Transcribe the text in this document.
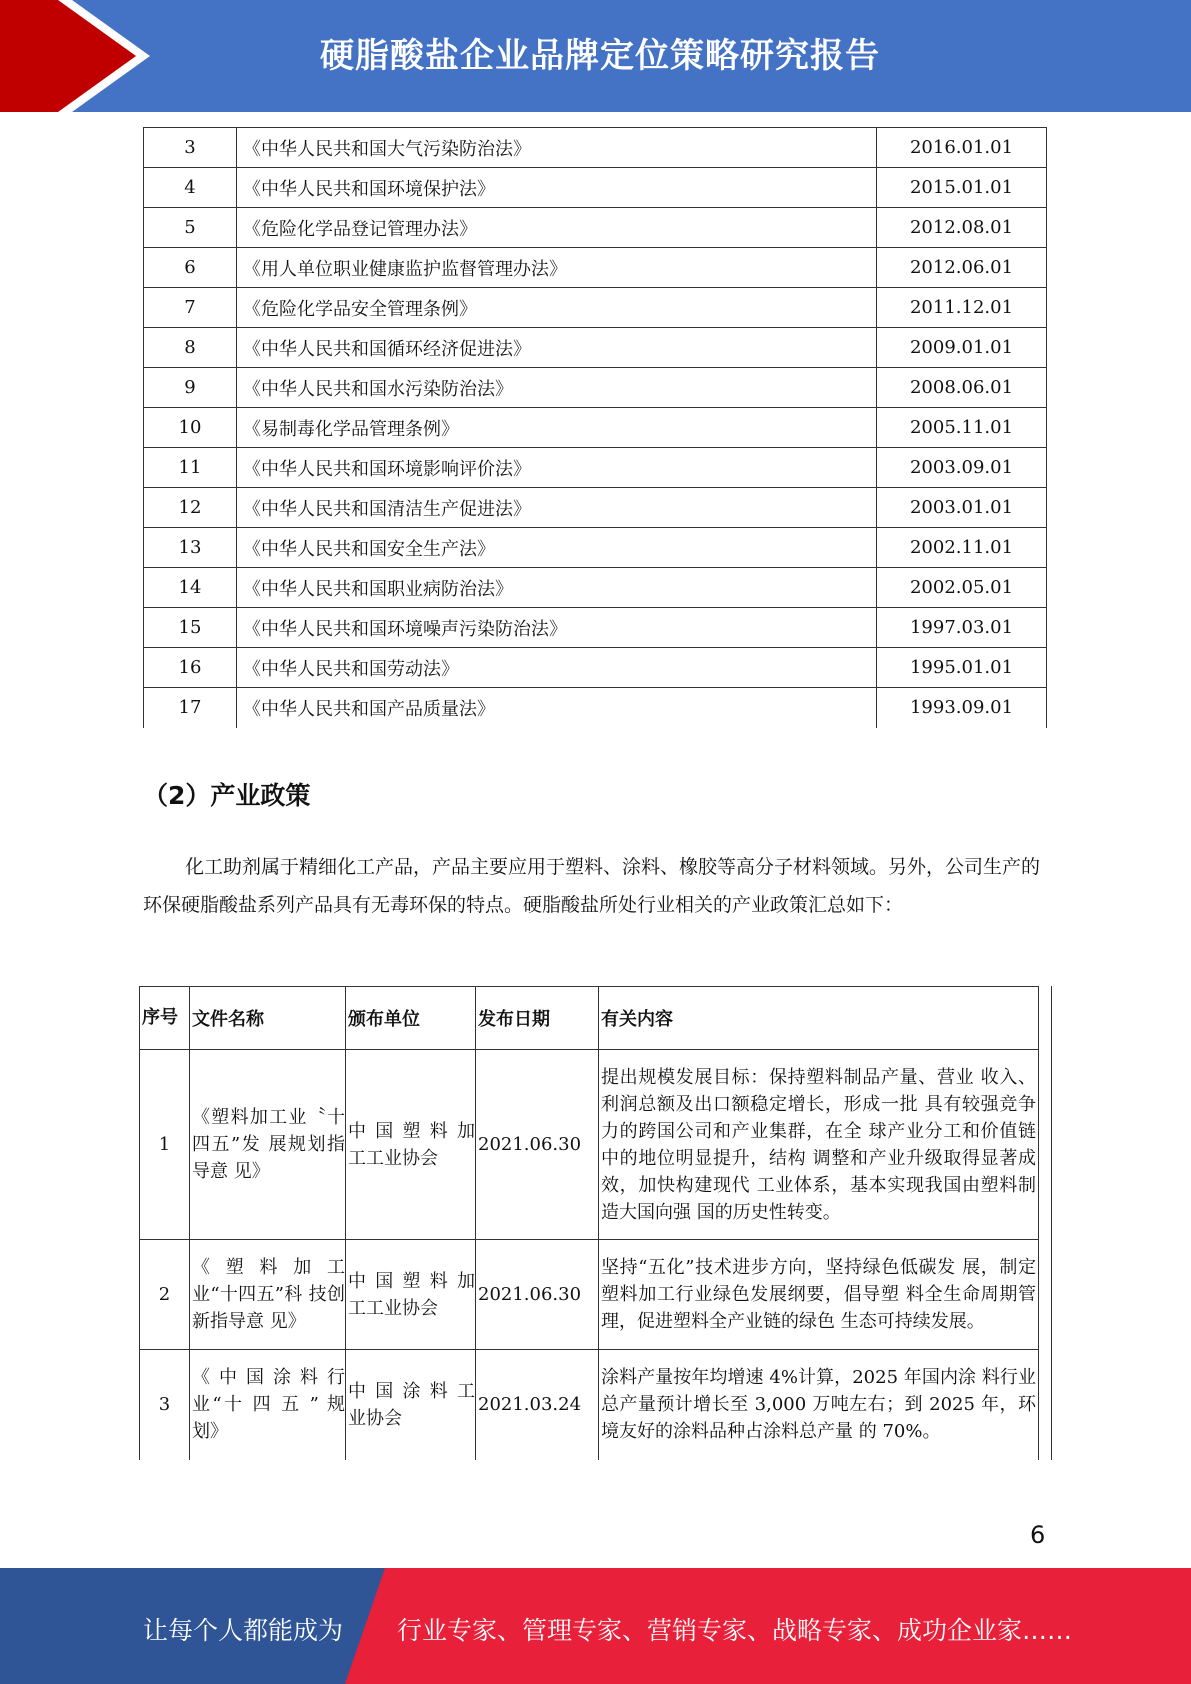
硬脂酸盐企业品牌定位策略研究报告
3	《中华人民共和国大气污染防治法》	2016.01.01
4	《中华人民共和国环境保护法》	2015.01.01
5	《危险化学品登记管理办法》	2012.08.01
6	《用人单位职业健康监护监督管理办法》	2012.06.01
7	《危险化学品安全管理条例》	2011.12.01
8	《中华人民共和国循环经济促进法》	2009.01.01
9	《中华人民共和国水污染防治法》	2008.06.01
10	《易制毒化学品管理条例》	2005.11.01
11	《中华人民共和国环境影响评价法》	2003.09.01
12	《中华人民共和国清洁生产促进法》	2003.01.01
13	《中华人民共和国安全生产法》	2002.11.01
14	《中华人民共和国职业病防治法》	2002.05.01
15	《中华人民共和国环境噪声污染防治法》	1997.03.01
16	《中华人民共和国劳动法》	1995.01.01
17	《中华人民共和国产品质量法》	1993.09.01
（2）产业政策
化工助剂属于精细化工产品，产品主要应用于塑料、涂料、橡胶等高分子材料领域。另外，公司生产的环保硬脂酸盐系列产品具有无毒环保的特点。硬脂酸盐所处行业相关的产业政策汇总如下：
序号	文件名称	颁布单位	发布日期	有关内容
1	《塑料加工业〝十四五”发 展规划指导意 见》	中 国 塑 料 加工工业协会	2021.06.30	提出规模发展目标：保持塑料制品产量、营业 收入、利润总额及出口额稳定增长，形成一批 具有较强竞争力的跨国公司和产业集群，在全 球产业分工和价值链中的地位明显提升，结构 调整和产业升级取得显著成效，加快构建现代 工业体系，基本实现我国由塑料制造大国向强 国的历史性转变。
2	《 塑 料 加 工 业“十四五”科 技创新指导意 见》	中 国 塑 料 加工工业协会	2021.06.30	坚持“五化”技术进步方向，坚持绿色低碳发 展，制定塑料加工行业绿色发展纲要，倡导塑 料全生命周期管理，促进塑料全产业链的绿色 生态可持续发展。
3	《中国涂料行 业“十 四 五 ” 规划》	中 国 涂 料 工业协会	2021.03.24	涂料产量按年均增速 4%计算，2025 年国内涂 料行业总产量预计增长至 3,000 万吨左右；到 2025 年，环境友好的涂料品种占涂料总产量 的 70%。
6
让每个人都能成为 行业专家、管理专家、营销专家、战略专家、成功企业家……
